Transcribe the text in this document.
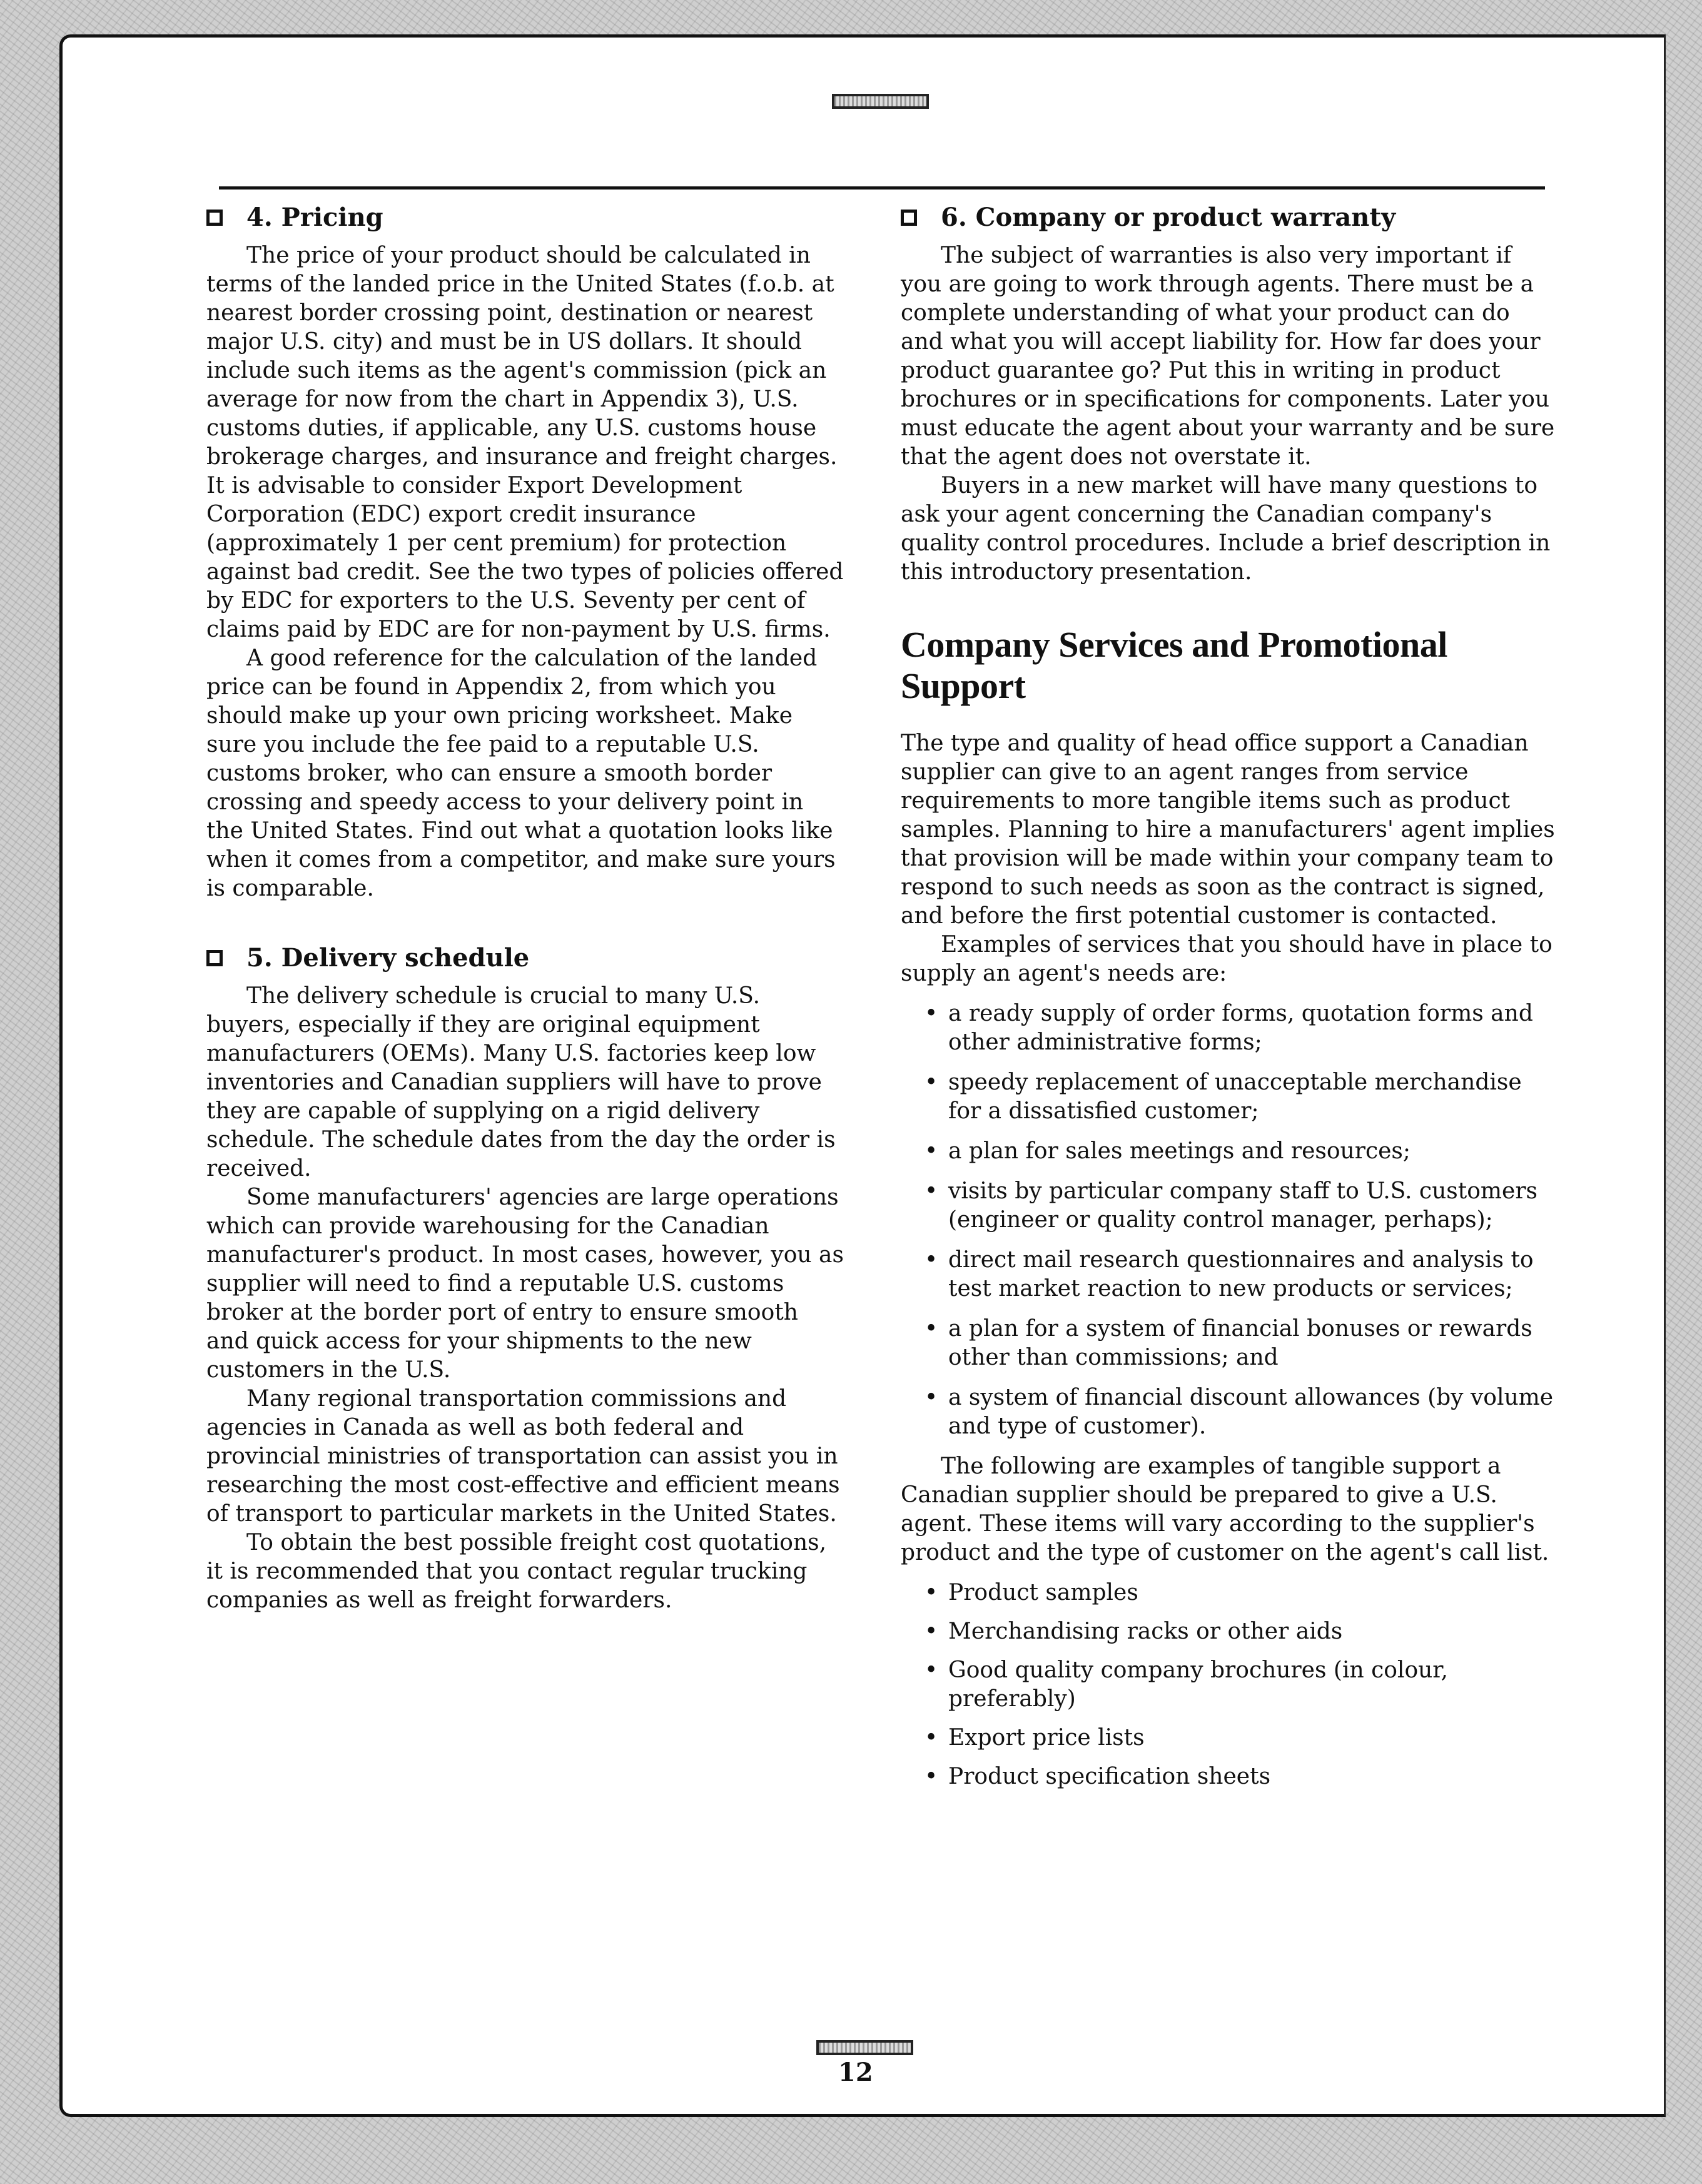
4. Pricing

The price of your product should be calculated in terms of the landed price in the United States (f.o.b. at nearest border crossing point, destination or nearest major U.S. city) and must be in US dollars. It should include such items as the agent's commission (pick an average for now from the chart in Appendix 3), U.S. customs duties, if applicable, any U.S. customs house brokerage charges, and insurance and freight charges. It is advisable to consider Export Development Corporation (EDC) export credit insurance (approximately 1 per cent premium) for protection against bad credit. See the two types of policies offered by EDC for exporters to the U.S. Seventy per cent of claims paid by EDC are for non-payment by U.S. firms.

A good reference for the calculation of the landed price can be found in Appendix 2, from which you should make up your own pricing worksheet. Make sure you include the fee paid to a reputable U.S. customs broker, who can ensure a smooth border crossing and speedy access to your delivery point in the United States. Find out what a quotation looks like when it comes from a competitor, and make sure yours is comparable.

5. Delivery schedule

The delivery schedule is crucial to many U.S. buyers, especially if they are original equipment manufacturers (OEMs). Many U.S. factories keep low inventories and Canadian suppliers will have to prove they are capable of supplying on a rigid delivery schedule. The schedule dates from the day the order is received.

Some manufacturers' agencies are large operations which can provide warehousing for the Canadian manufacturer's product. In most cases, however, you as supplier will need to find a reputable U.S. customs broker at the border port of entry to ensure smooth and quick access for your shipments to the new customers in the U.S.

Many regional transportation commissions and agencies in Canada as well as both federal and provincial ministries of transportation can assist you in researching the most cost-effective and efficient means of transport to particular markets in the United States.

To obtain the best possible freight cost quotations, it is recommended that you contact regular trucking companies as well as freight forwarders.

6. Company or product warranty

The subject of warranties is also very important if you are going to work through agents. There must be a complete understanding of what your product can do and what you will accept liability for. How far does your product guarantee go? Put this in writing in product brochures or in specifications for components. Later you must educate the agent about your warranty and be sure that the agent does not overstate it.

Buyers in a new market will have many questions to ask your agent concerning the Canadian company's quality control procedures. Include a brief description in this introductory presentation.

Company Services and Promotional Support

The type and quality of head office support a Canadian supplier can give to an agent ranges from service requirements to more tangible items such as product samples. Planning to hire a manufacturers' agent implies that provision will be made within your company team to respond to such needs as soon as the contract is signed, and before the first potential customer is contacted.

Examples of services that you should have in place to supply an agent's needs are:

• a ready supply of order forms, quotation forms and other administrative forms;
• speedy replacement of unacceptable merchandise for a dissatisfied customer;
• a plan for sales meetings and resources;
• visits by particular company staff to U.S. customers (engineer or quality control manager, perhaps);
• direct mail research questionnaires and analysis to test market reaction to new products or services;
• a plan for a system of financial bonuses or rewards other than commissions; and
• a system of financial discount allowances (by volume and type of customer).

The following are examples of tangible support a Canadian supplier should be prepared to give a U.S. agent. These items will vary according to the supplier's product and the type of customer on the agent's call list.

• Product samples
• Merchandising racks or other aids
• Good quality company brochures (in colour, preferably)
• Export price lists
• Product specification sheets
12
